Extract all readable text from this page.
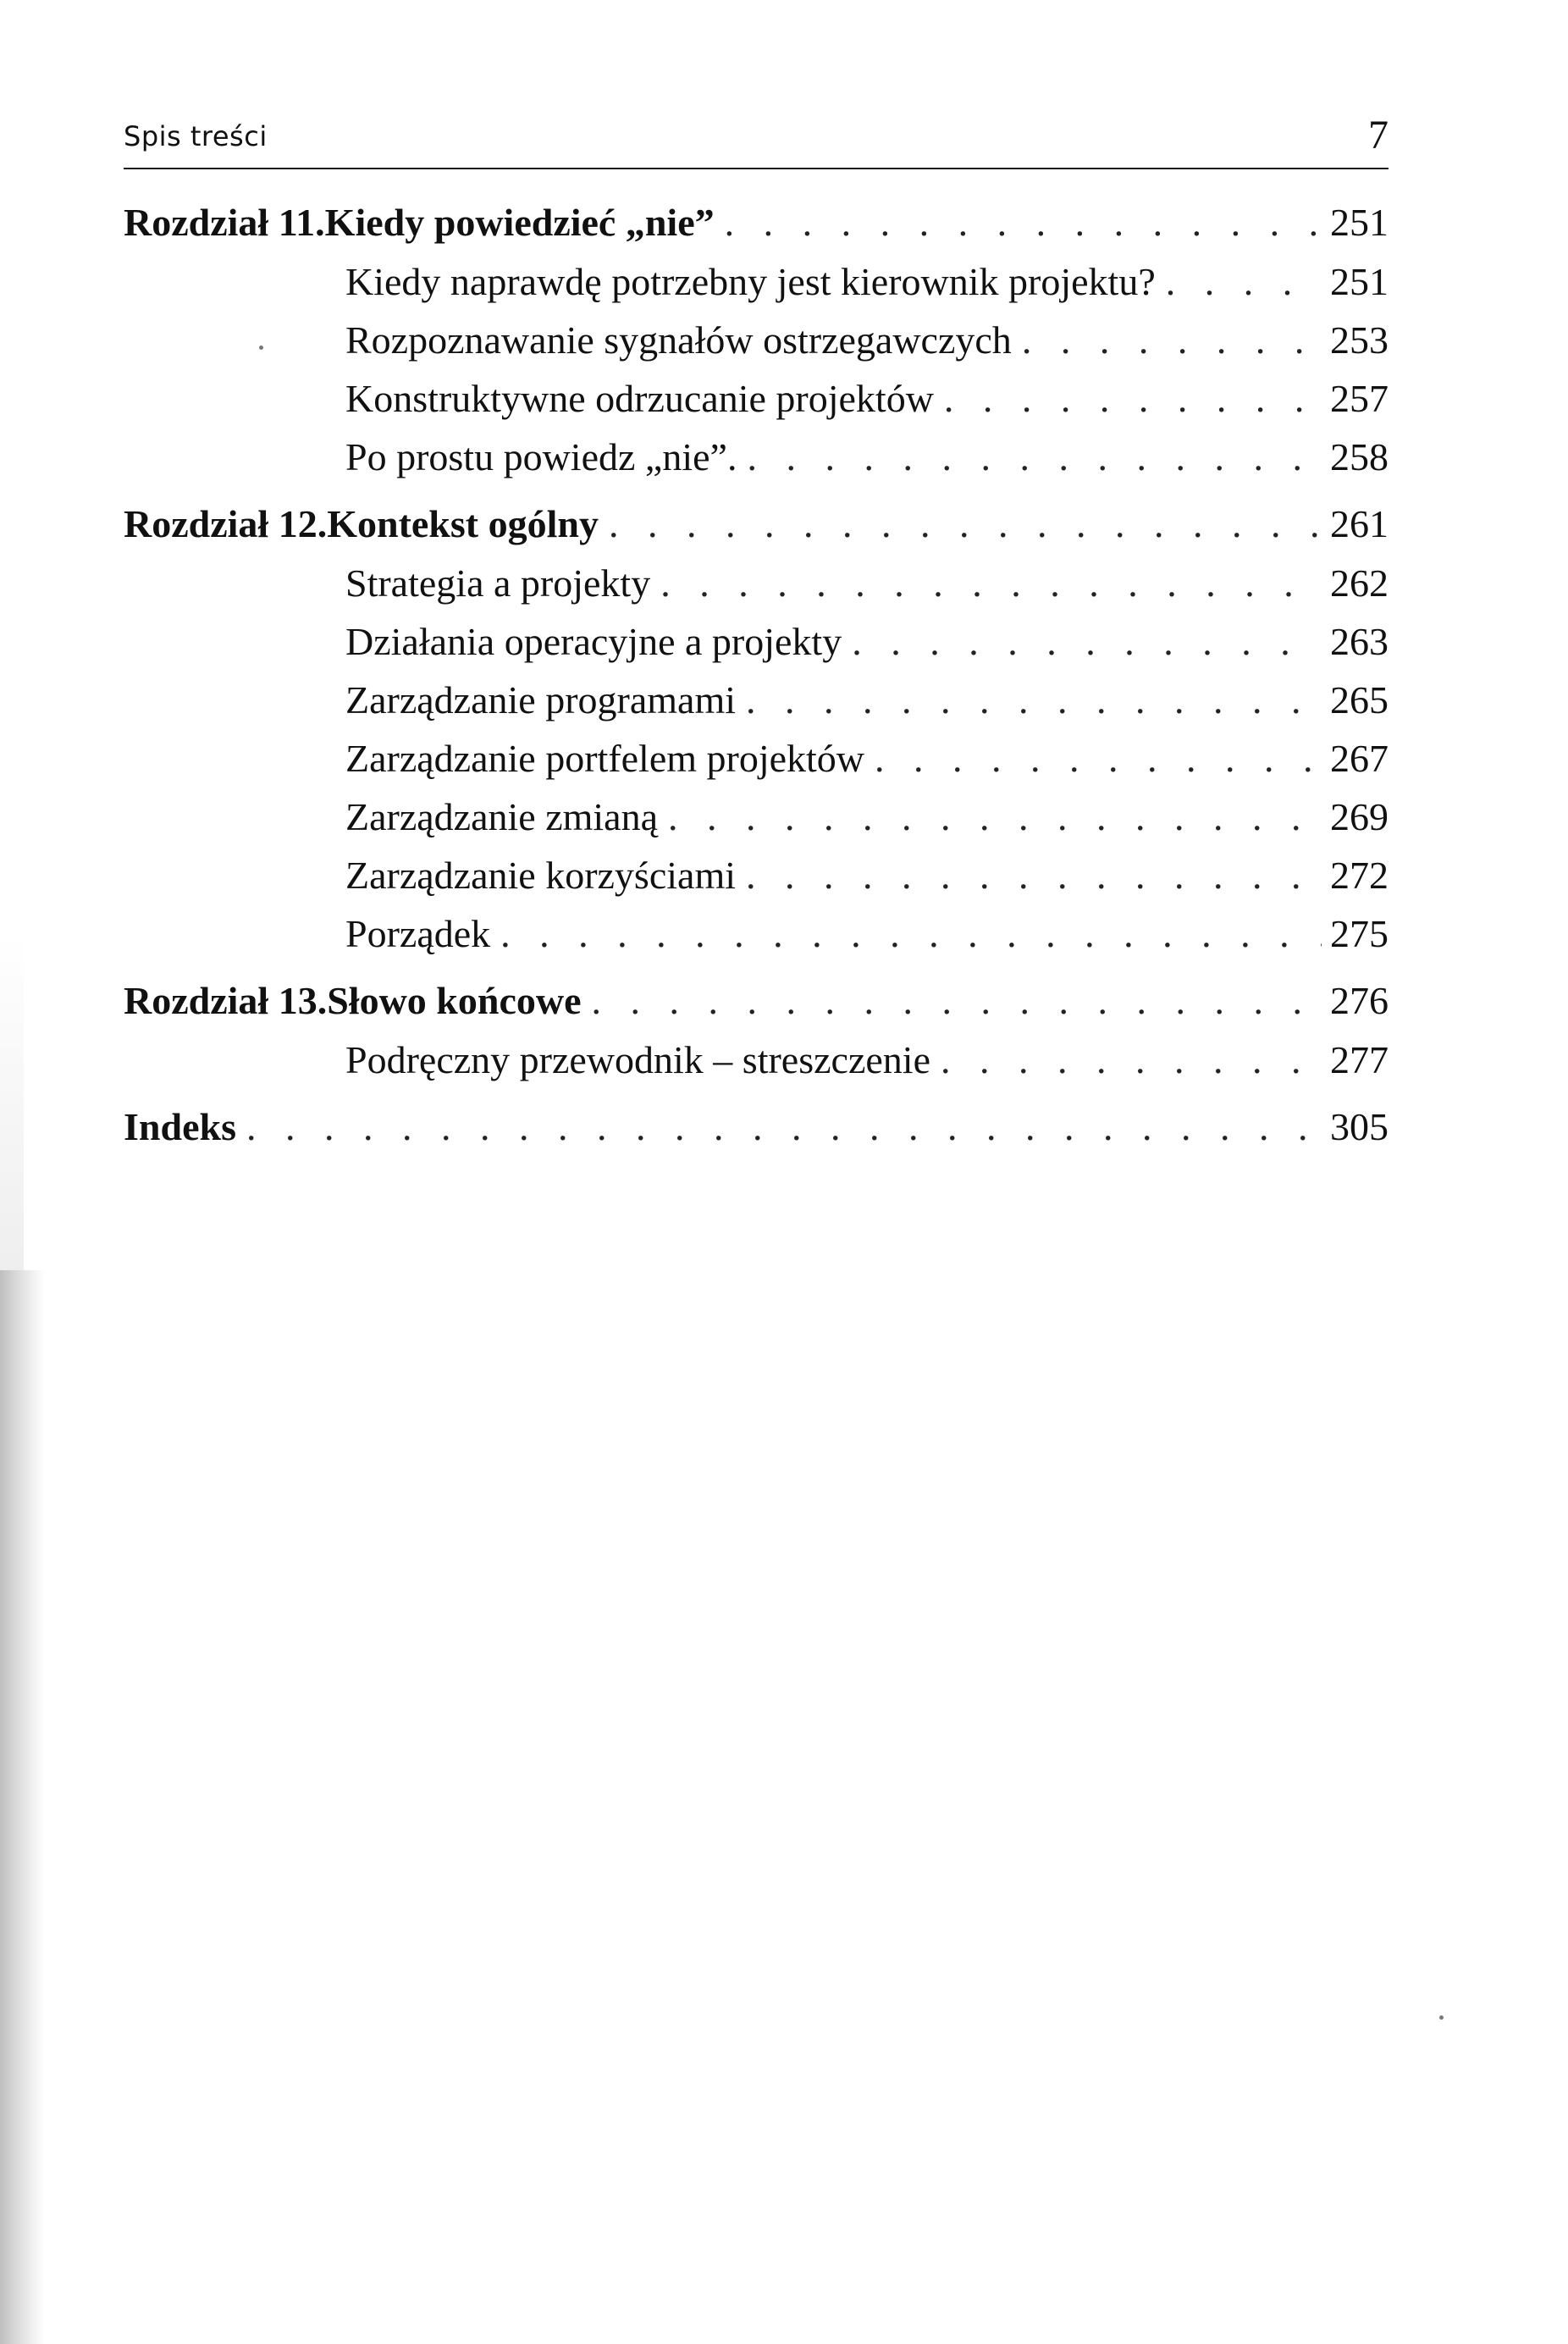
Spis treści	7
Rozdział 11. Kiedy powiedzieć „nie” . . .	251
Kiedy naprawdę potrzebny jest kierownik projektu? . . .	251
Rozpoznawanie sygnałów ostrzegawczych . . .	253
Konstruktywne odrzucanie projektów . . .	257
Po prostu powiedz „nie”. . . .	258
Rozdział 12. Kontekst ogólny . . .	261
Strategia a projekty . . .	262
Działania operacyjne a projekty . . .	263
Zarządzanie programami . . .	265
Zarządzanie portfelem projektów . . .	267
Zarządzanie zmianą . . .	269
Zarządzanie korzyściami . . .	272
Porządek . . .	275
Rozdział 13. Słowo końcowe . . .	276
Podręczny przewodnik – streszczenie . . .	277
Indeks . . .	305
